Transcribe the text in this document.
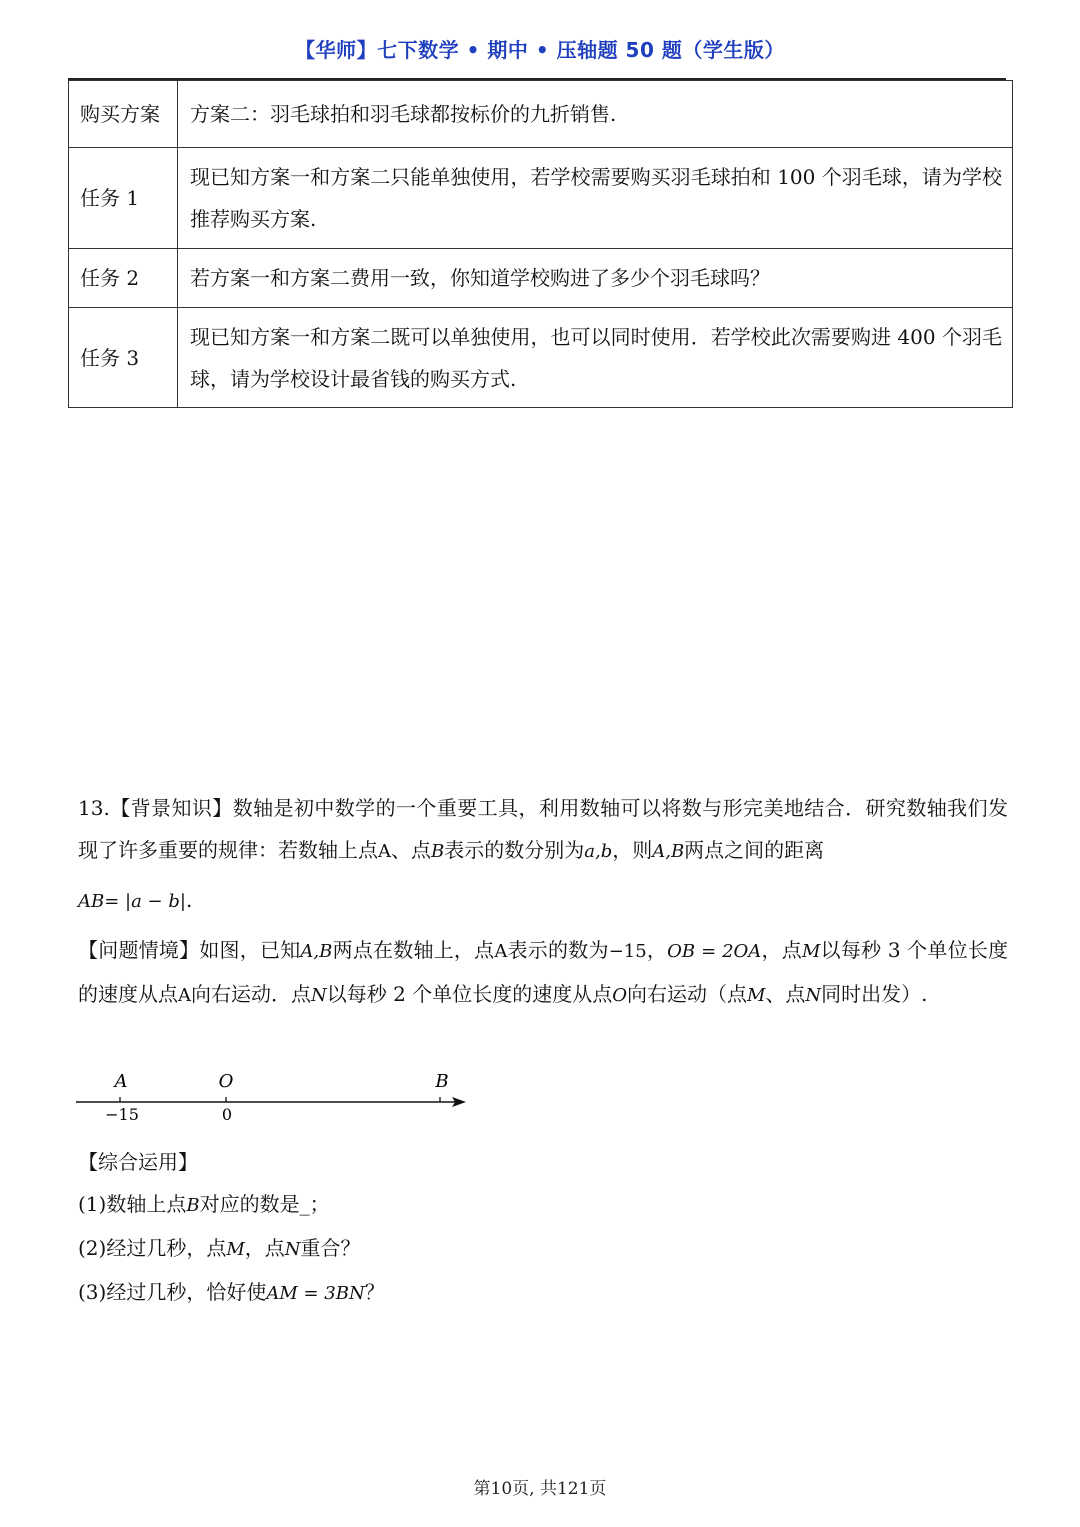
【华师】七下数学 • 期中 • 压轴题 50 题（学生版）
购买方案	方案二：羽毛球拍和羽毛球都按标价的九折销售.
任务 1	现已知方案一和方案二只能单独使用，若学校需要购买羽毛球拍和 100 个羽毛球，请为学校推荐购买方案.
任务 2	若方案一和方案二费用一致，你知道学校购进了多少个羽毛球吗？
任务 3	现已知方案一和方案二既可以单独使用，也可以同时使用．若学校此次需要购进 400 个羽毛球，请为学校设计最省钱的购买方式.
13.【背景知识】数轴是初中数学的一个重要工具，利用数轴可以将数与形完美地结合．研究数轴我们发现了许多重要的规律：若数轴上点A、点B表示的数分别为a,b，则A,B两点之间的距离
AB= |a − b|.
【问题情境】如图，已知A,B两点在数轴上，点A表示的数为−15，OB = 2OA，点M以每秒 3 个单位长度的速度从点A向右运动．点N以每秒 2 个单位长度的速度从点O向右运动（点M、点N同时出发）.
A	O	B
−15	0
【综合运用】
(1)数轴上点B对应的数是_；
(2)经过几秒，点M，点N重合？
(3)经过几秒，恰好使AM = 3BN？
第10页, 共121页
